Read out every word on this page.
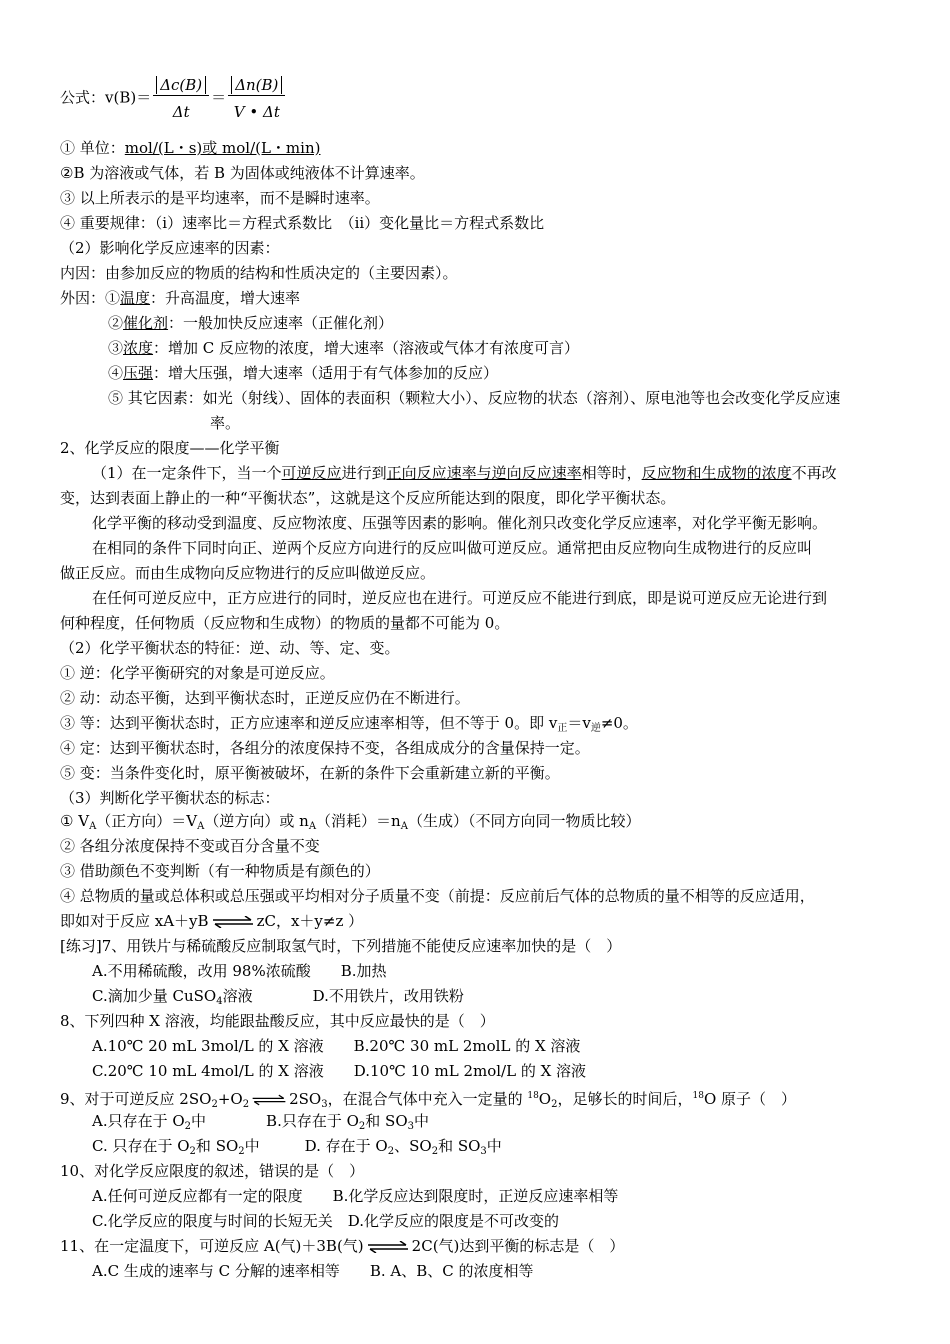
公式：$v(B)= \frac{\Delta c(B)}{\Delta t} = \frac{\Delta n(B)}{V • \Delta t}$
① 单位：mol/(L・s)或 mol/(L・min)
②B 为溶液或气体，若 B 为固体或纯液体不计算速率。
③ 以上所表示的是平均速率，而不是瞬时速率。
④ 重要规律：（i）速率比＝方程式系数比　（ii）变化量比＝方程式系数比
（2）影响化学反应速率的因素：
内因：由参加反应的物质的结构和性质决定的（主要因素）。
外因：①温度：升高温度，增大速率
②催化剂：一般加快反应速率（正催化剂）
③浓度：增加 C 反应物的浓度，增大速率（溶液或气体才有浓度可言）
④压强：增大压强，增大速率（适用于有气体参加的反应）
⑤ 其它因素：如光（射线）、固体的表面积（颗粒大小）、反应物的状态（溶剂）、原电池等也会改变化学反应速
率。
2、化学反应的限度——化学平衡
（1）在一定条件下，当一个可逆反应进行到正向反应速率与逆向反应速率相等时，反应物和生成物的浓度不再改
变，达到表面上静止的一种“平衡状态”，这就是这个反应所能达到的限度，即化学平衡状态。
化学平衡的移动受到温度、反应物浓度、压强等因素的影响。催化剂只改变化学反应速率，对化学平衡无影响。
在相同的条件下同时向正、逆两个反应方向进行的反应叫做可逆反应。通常把由反应物向生成物进行的反应叫
做正反应。而由生成物向反应物进行的反应叫做逆反应。
在任何可逆反应中，正方应进行的同时，逆反应也在进行。可逆反应不能进行到底，即是说可逆反应无论进行到
何种程度，任何物质（反应物和生成物）的物质的量都不可能为 0。
（2）化学平衡状态的特征：逆、动、等、定、变。
① 逆：化学平衡研究的对象是可逆反应。
② 动：动态平衡，达到平衡状态时，正逆反应仍在不断进行。
③ 等：达到平衡状态时，正方应速率和逆反应速率相等，但不等于 0。即 $v_正=v_逆\ne 0$。
④ 定：达到平衡状态时，各组分的浓度保持不变，各组成成分的含量保持一定。
⑤ 变：当条件变化时，原平衡被破坏，在新的条件下会重新建立新的平衡。
（3）判断化学平衡状态的标志：
① $V_A$（正方向）$=V_A$（逆方向）或 $n_A$（消耗）$=n_A$（生成）（不同方向同一物质比较）
② 各组分浓度保持不变或百分含量不变
③ 借助颜色不变判断（有一种物质是有颜色的）
④ 总物质的量或总体积或总压强或平均相对分子质量不变（前提：反应前后气体的总物质的量不相等的反应适用，
即如对于反应 xA＋yB ⇌ zC，x＋y≠z ）
[练习]7、用铁片与稀硫酸反应制取氢气时，下列措施不能使反应速率加快的是（　）
A.不用稀硫酸，改用 98%浓硫酸　　B.加热
C.滴加少量 CuSO$_4$溶液　　　　D.不用铁片，改用铁粉
8、下列四种 X 溶液，均能跟盐酸反应，其中反应最快的是（　）
A.10℃ 20 mL 3mol/L 的 X 溶液　　B.20℃ 30 mL 2molL 的 X 溶液
C.20℃ 10 mL 4mol/L 的 X 溶液　　D.10℃ 10 mL 2mol/L 的 X 溶液
9、对于可逆反应 $2SO_2+O_2$ ⇌ $2SO_3$，在混合气体中充入一定量的 $^{18}O_2$，足够长的时间后，$^{18}$O 原子（　）
A.只存在于 $O_2$中　　　　B.只存在于 $O_2$和 $SO_3$中
C. 只存在于 $O_2$和 $SO_2$中　　　D. 存在于 $O_2$、$SO_2$和 $SO_3$中
10、对化学反应限度的叙述，错误的是（　）
A.任何可逆反应都有一定的限度　　B.化学反应达到限度时，正逆反应速率相等
C.化学反应的限度与时间的长短无关　D.化学反应的限度是不可改变的
11、在一定温度下，可逆反应 A(气)＋3B(气) ⇌ 2C(气)达到平衡的标志是（　）
A.C 生成的速率与 C 分解的速率相等　　B. A、B、C 的浓度相等
